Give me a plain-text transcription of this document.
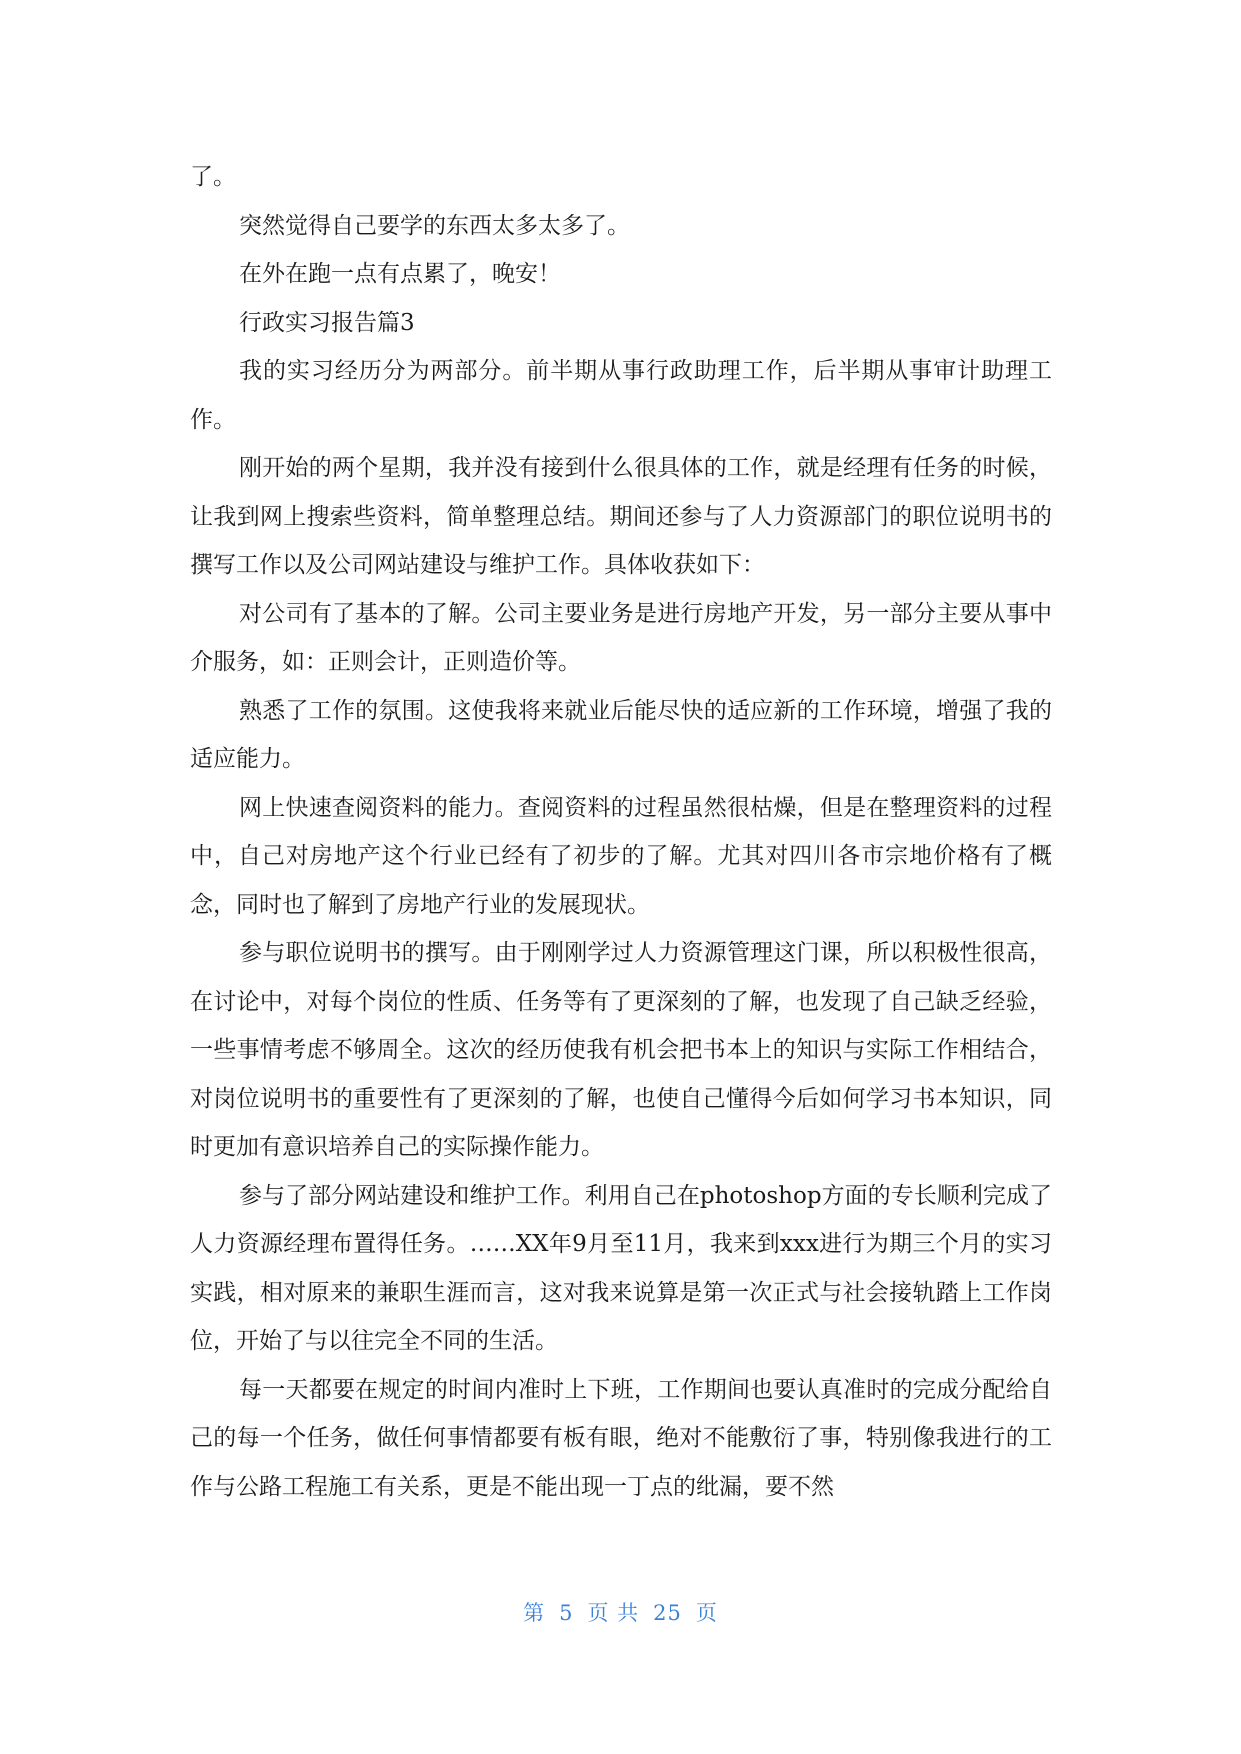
了。

突然觉得自己要学的东西太多太多了。

在外在跑一点有点累了，晚安！

行政实习报告篇3

我的实习经历分为两部分。前半期从事行政助理工作，后半期从事审计助理工作。

刚开始的两个星期，我并没有接到什么很具体的工作，就是经理有任务的时候，让我到网上搜索些资料，简单整理总结。期间还参与了人力资源部门的职位说明书的撰写工作以及公司网站建设与维护工作。具体收获如下：

对公司有了基本的了解。公司主要业务是进行房地产开发，另一部分主要从事中介服务，如：正则会计，正则造价等。

熟悉了工作的氛围。这使我将来就业后能尽快的适应新的工作环境，增强了我的适应能力。

网上快速查阅资料的能力。查阅资料的过程虽然很枯燥，但是在整理资料的过程中，自己对房地产这个行业已经有了初步的了解。尤其对四川各市宗地价格有了概念，同时也了解到了房地产行业的发展现状。

参与职位说明书的撰写。由于刚刚学过人力资源管理这门课，所以积极性很高，在讨论中，对每个岗位的性质、任务等有了更深刻的了解，也发现了自己缺乏经验，一些事情考虑不够周全。这次的经历使我有机会把书本上的知识与实际工作相结合，对岗位说明书的重要性有了更深刻的了解，也使自己懂得今后如何学习书本知识，同时更加有意识培养自己的实际操作能力。

参与了部分网站建设和维护工作。利用自己在photoshop方面的专长顺利完成了人力资源经理布置得任务。……XX年9月至11月，我来到xxx进行为期三个月的实习实践，相对原来的兼职生涯而言，这对我来说算是第一次正式与社会接轨踏上工作岗位，开始了与以往完全不同的生活。

每一天都要在规定的时间内准时上下班，工作期间也要认真准时的完成分配给自己的每一个任务，做任何事情都要有板有眼，绝对不能敷衍了事，特别像我进行的工作与公路工程施工有关系，更是不能出现一丁点的纰漏，要不然

第 5 页 共 25 页
